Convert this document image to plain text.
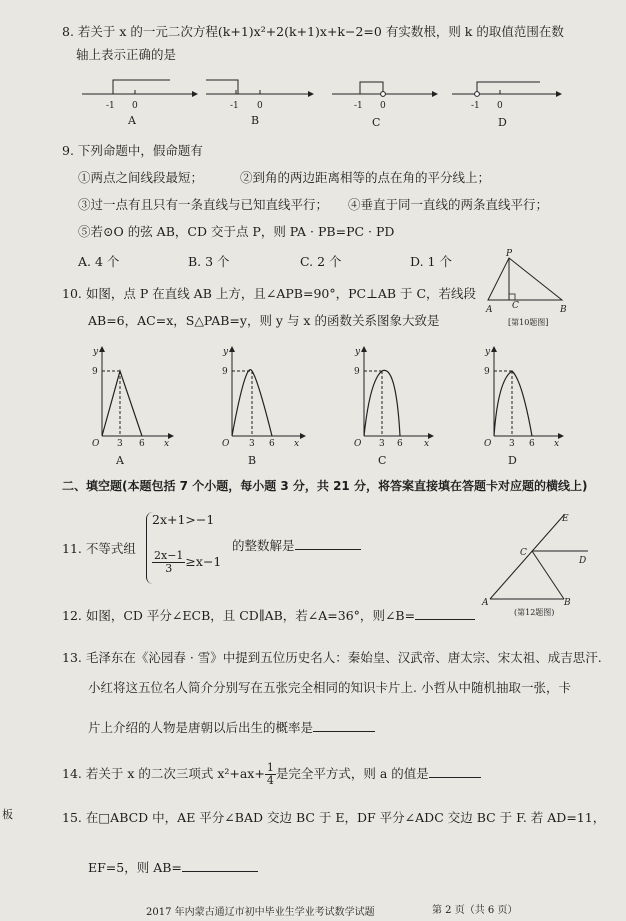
8. 若关于 x 的一元二次方程(k+1)x²+2(k+1)x+k−2=0 有实数根，则 k 的取值范围在数
轴上表示正确的是
-1 0
A
-1 0
B
-1 0
C
-1 0
D
9. 下列命题中，假命题有
①两点之间线段最短；	②到角的两边距离相等的点在角的平分线上；
③过一点有且只有一条直线与已知直线平行； ④垂直于同一直线的两条直线平行；
⑤若⊙O 的弦 AB，CD 交于点 P，则 PA · PB=PC · PD
A. 4 个	B. 3 个	C. 2 个	D. 1 个	P
A C	B
[第10题图]
10. 如图，点 P 在直线 AB 上方，且∠APB=90°，PC⊥AB 于 C，若线段
AB=6，AC=x，S△PAB=y，则 y 与 x 的函数关系图象大致是
y
9
O 3 6 x
A
y
9
O 3 6 x
B
y
9
O 3 6 x
C
y
9
O 3 6 x
D
二、填空题(本题包括 7 个小题，每小题 3 分，共 21 分，将答案直接填在答题卡对应题的横线上)
11. 不等式组
2x+1>−1
$\frac{2x-1}{3} \ge x-1$
的整数解是
E
C
D
A	B
(第12题图)
12. 如图，CD 平分∠ECB，且 CD∥AB，若∠A=36°，则∠B=
13. 毛泽东在《沁园春 · 雪》中提到五位历史名人：秦始皇、汉武帝、唐太宗、宋太祖、成吉思汗.
小红将这五位名人简介分别写在五张完全相同的知识卡片上. 小哲从中随机抽取一张，卡
片上介绍的人物是唐朝以后出生的概率是
14. 若关于 x 的二次三项式 $x^2+ax+ \frac{1}{4}$ 是完全平方式，则 a 的值是
15. 在□ABCD 中，AE 平分∠BAD 交边 BC 于 E，DF 平分∠ADC 交边 BC 于 F. 若 AD=11，
EF=5，则 AB=
板
2017 年内蒙古通辽市初中毕业生学业考试数学试题	第 2 页（共 6 页）
